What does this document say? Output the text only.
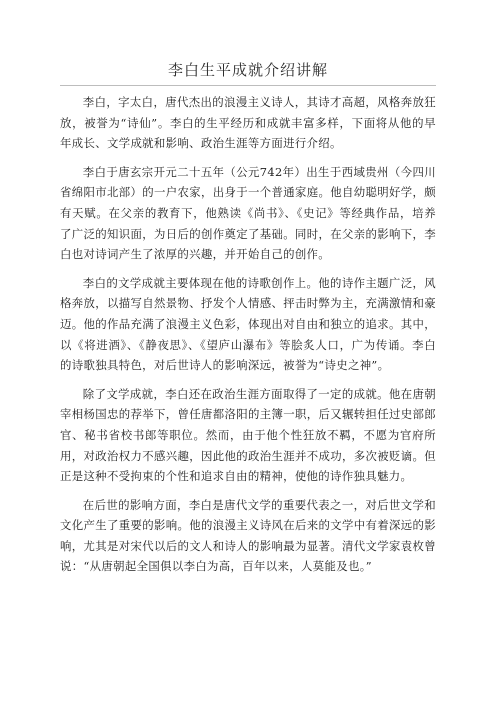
李白生平成就介绍讲解

李白，字太白，唐代杰出的浪漫主义诗人，其诗才高超，风格奔放狂放，被誉为“诗仙”。李白的生平经历和成就丰富多样，下面将从他的早年成长、文学成就和影响、政治生涯等方面进行介绍。

李白于唐玄宗开元二十五年（公元742年）出生于西域贵州（今四川省绵阳市北部）的一户农家，出身于一个普通家庭。他自幼聪明好学，颇有天赋。在父亲的教育下，他熟读《尚书》、《史记》等经典作品，培养了广泛的知识面，为日后的创作奠定了基础。同时，在父亲的影响下，李白也对诗词产生了浓厚的兴趣，并开始自己的创作。

李白的文学成就主要体现在他的诗歌创作上。他的诗作主题广泛，风格奔放，以描写自然景物、抒发个人情感、抨击时弊为主，充满激情和豪迈。他的作品充满了浪漫主义色彩，体现出对自由和独立的追求。其中，以《将进酒》、《静夜思》、《望庐山瀑布》等脍炙人口，广为传诵。李白的诗歌独具特色，对后世诗人的影响深远，被誉为“诗史之神”。

除了文学成就，李白还在政治生涯方面取得了一定的成就。他在唐朝宰相杨国忠的荐举下，曾任唐都洛阳的主簿一职，后又辗转担任过史部郎官、秘书省校书郎等职位。然而，由于他个性狂放不羁，不愿为官府所用，对政治权力不感兴趣，因此他的政治生涯并不成功，多次被贬谪。但正是这种不受拘束的个性和追求自由的精神，使他的诗作独具魅力。

在后世的影响方面，李白是唐代文学的重要代表之一，对后世文学和文化产生了重要的影响。他的浪漫主义诗风在后来的文学中有着深远的影响，尤其是对宋代以后的文人和诗人的影响最为显著。清代文学家袁枚曾说：“从唐朝起全国俱以李白为高，百年以来，人莫能及也。”
